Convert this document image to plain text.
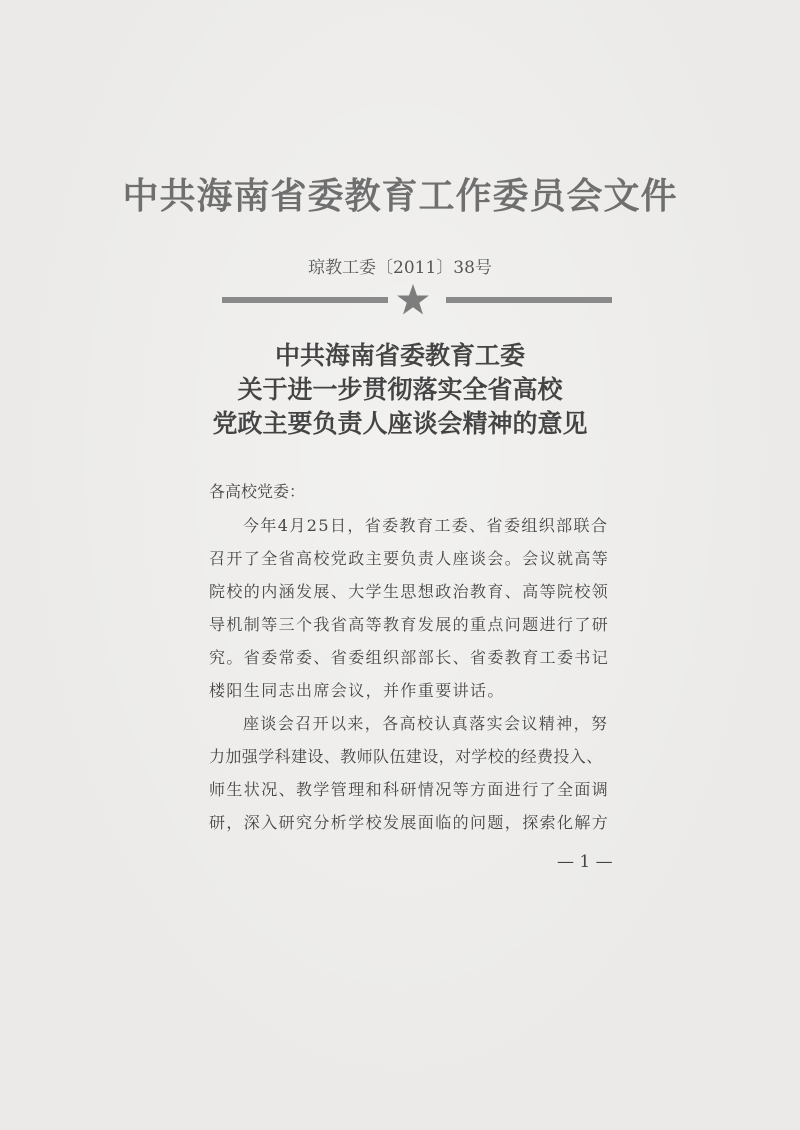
中共海南省委教育工作委员会文件
琼教工委〔2011〕38号
中共海南省委教育工委
关于进一步贯彻落实全省高校
党政主要负责人座谈会精神的意见
各高校党委：
今年4月25日，省委教育工委、省委组织部联合
召开了全省高校党政主要负责人座谈会。会议就高等
院校的内涵发展、大学生思想政治教育、高等院校领
导机制等三个我省高等教育发展的重点问题进行了研
究。省委常委、省委组织部部长、省委教育工委书记
楼阳生同志出席会议，并作重要讲话。
座谈会召开以来，各高校认真落实会议精神，努
力加强学科建设、教师队伍建设，对学校的经费投入、
师生状况、教学管理和科研情况等方面进行了全面调
研，深入研究分析学校发展面临的问题，探索化解方
— 1 —
